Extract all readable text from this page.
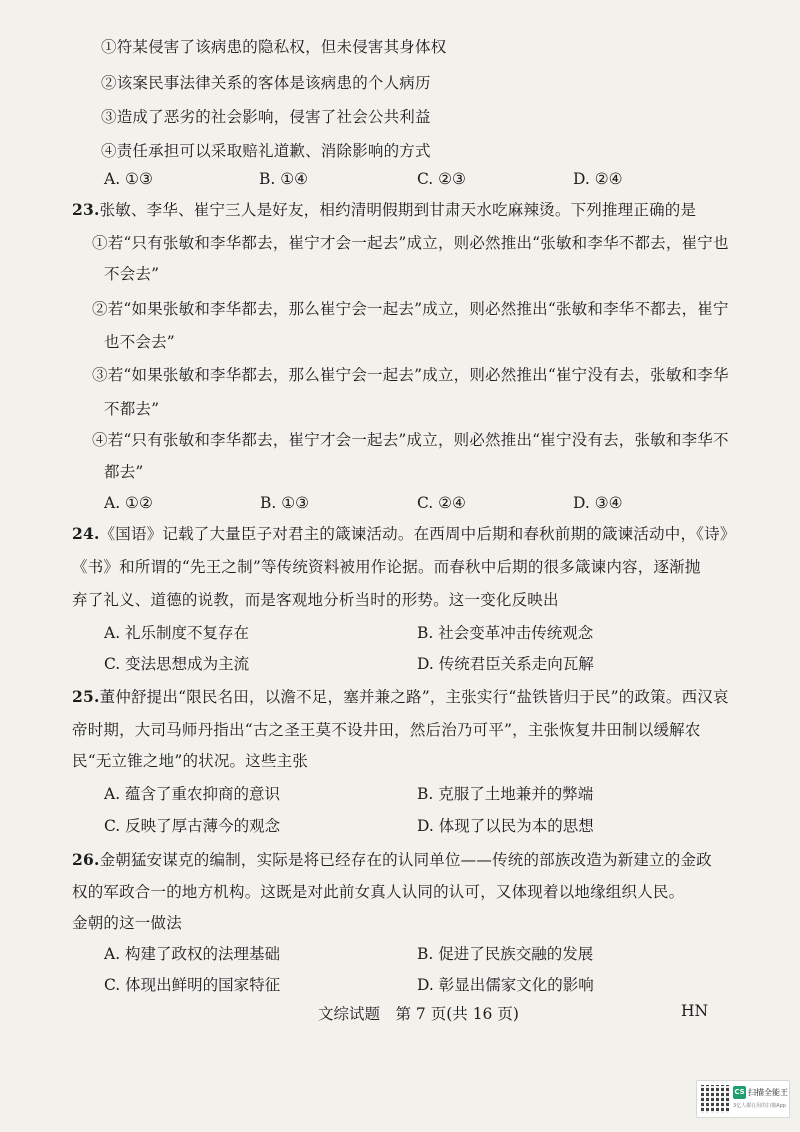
①符某侵害了该病患的隐私权，但未侵害其身体权
②该案民事法律关系的客体是该病患的个人病历
③造成了恶劣的社会影响，侵害了社会公共利益
④责任承担可以采取赔礼道歉、消除影响的方式
A. ①③	B. ①④	C. ②③	D. ②④
23.张敏、李华、崔宁三人是好友，相约清明假期到甘肃天水吃麻辣烫。下列推理正确的是
①若“只有张敏和李华都去，崔宁才会一起去”成立，则必然推出“张敏和李华不都去，崔宁也
不会去”
②若“如果张敏和李华都去，那么崔宁会一起去”成立，则必然推出“张敏和李华不都去，崔宁
也不会去”
③若“如果张敏和李华都去，那么崔宁会一起去”成立，则必然推出“崔宁没有去，张敏和李华
不都去”
④若“只有张敏和李华都去，崔宁才会一起去”成立，则必然推出“崔宁没有去，张敏和李华不
都去”
A. ①②	B. ①③	C. ②④	D. ③④
24.《国语》记载了大量臣子对君主的箴谏活动。在西周中后期和春秋前期的箴谏活动中，《诗》
《书》和所谓的“先王之制”等传统资料被用作论据。而春秋中后期的很多箴谏内容，逐渐抛
弃了礼义、道德的说教，而是客观地分析当时的形势。这一变化反映出
A. 礼乐制度不复存在	B. 社会变革冲击传统观念
C. 变法思想成为主流	D. 传统君臣关系走向瓦解
25.董仲舒提出“限民名田，以澹不足，塞并兼之路”，主张实行“盐铁皆归于民”的政策。西汉哀
帝时期，大司马师丹指出“古之圣王莫不设井田，然后治乃可平”，主张恢复井田制以缓解农
民“无立锥之地”的状况。这些主张
A. 蕴含了重农抑商的意识	B. 克服了土地兼并的弊端
C. 反映了厚古薄今的观念	D. 体现了以民为本的思想
26.金朝猛安谋克的编制，实际是将已经存在的认同单位——传统的部族改造为新建立的金政
权的军政合一的地方机构。这既是对此前女真人认同的认可，又体现着以地缘组织人民。
金朝的这一做法
A. 构建了政权的法理基础	B. 促进了民族交融的发展
C. 体现出鲜明的国家特征	D. 彰显出儒家文化的影响
文综试题　第 7 页(共 16 页)	HN
CS 扫描全能王
3亿人都在用的扫描App
